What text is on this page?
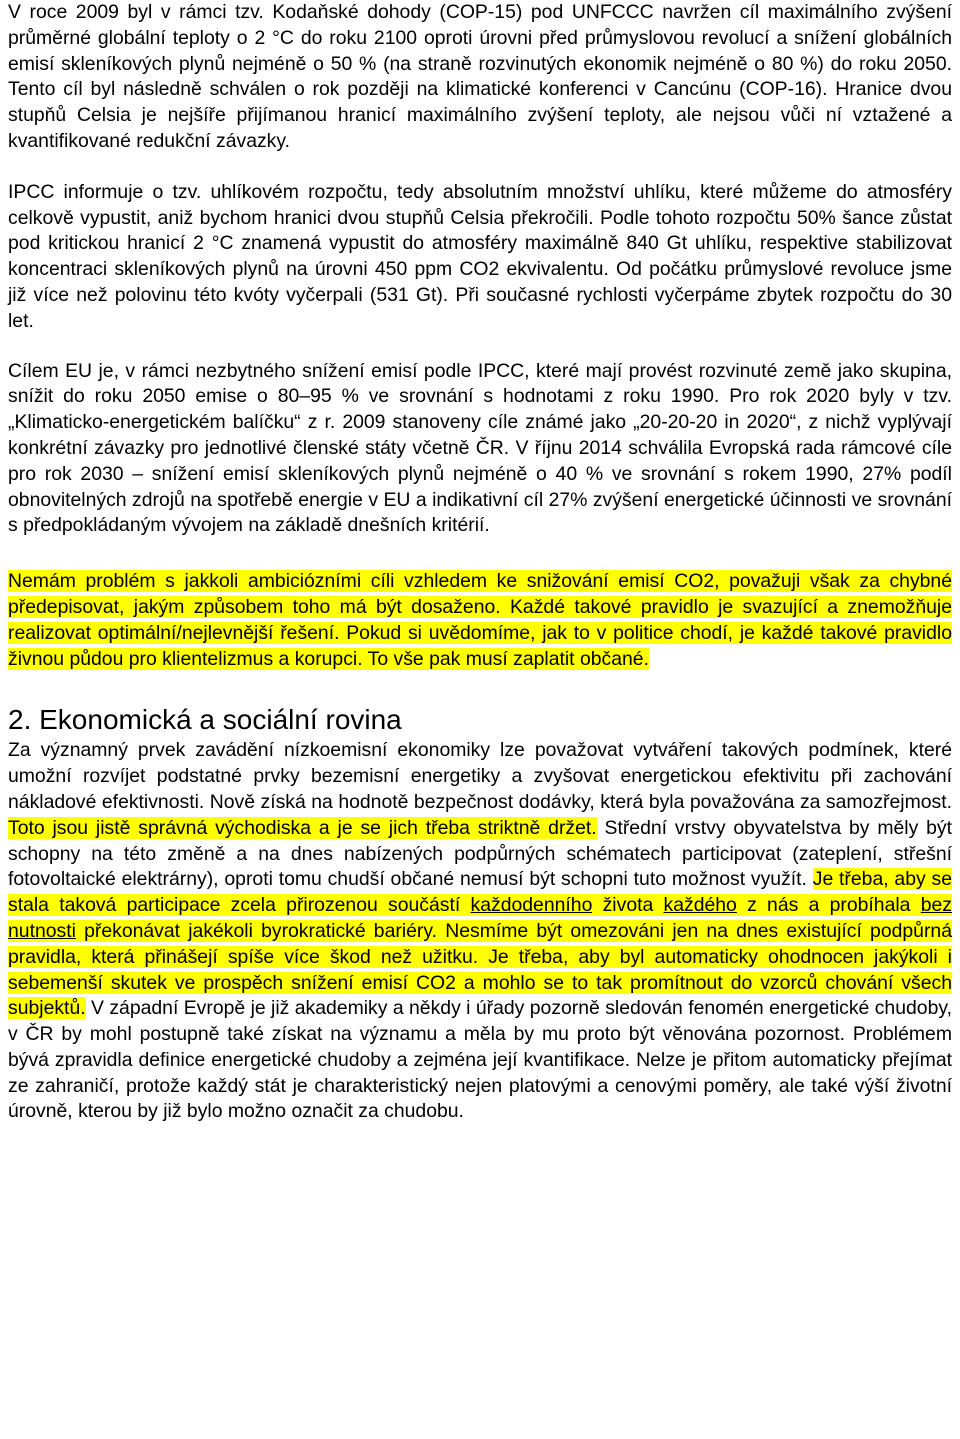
V roce 2009 byl v rámci tzv. Kodaňské dohody (COP-15) pod UNFCCC navržen cíl maximálního zvýšení průměrné globální teploty o 2 °C do roku 2100 oproti úrovni před průmyslovou revolucí a snížení globálních emisí skleníkových plynů nejméně o 50 % (na straně rozvinutých ekonomik nejméně o 80 %) do roku 2050. Tento cíl byl následně schválen o rok později na klimatické konferenci v Cancúnu (COP-16). Hranice dvou stupňů Celsia je nejšíře přijímanou hranicí maximálního zvýšení teploty, ale nejsou vůči ní vztažené a kvantifikované redukční závazky.

IPCC informuje o tzv. uhlíkovém rozpočtu, tedy absolutním množství uhlíku, které můžeme do atmosféry celkově vypustit, aniž bychom hranici dvou stupňů Celsia překročili. Podle tohoto rozpočtu 50% šance zůstat pod kritickou hranicí 2 °C znamená vypustit do atmosféry maximálně 840 Gt uhlíku, respektive stabilizovat koncentraci skleníkových plynů na úrovni 450 ppm CO2 ekvivalentu. Od počátku průmyslové revoluce jsme již více než polovinu této kvóty vyčerpali (531 Gt). Při současné rychlosti vyčerpáme zbytek rozpočtu do 30 let.

Cílem EU je, v rámci nezbytného snížení emisí podle IPCC, které mají provést rozvinuté země jako skupina, snížit do roku 2050 emise o 80–95 % ve srovnání s hodnotami z roku 1990. Pro rok 2020 byly v tzv. „Klimaticko-energetickém balíčku“ z r. 2009 stanoveny cíle známé jako „20-20-20 in 2020“, z nichž vyplývají konkrétní závazky pro jednotlivé členské státy včetně ČR. V říjnu 2014 schválila Evropská rada rámcové cíle pro rok 2030 – snížení emisí skleníkových plynů nejméně o 40 % ve srovnání s rokem 1990, 27% podíl obnovitelných zdrojů na spotřebě energie v EU a indikativní cíl 27% zvýšení energetické účinnosti ve srovnání s předpokládaným vývojem na základě dnešních kritérií.

Nemám problém s jakkoli ambiciózními cíli vzhledem ke snižování emisí CO2, považuji však za chybné předepisovat, jakým způsobem toho má být dosaženo. Každé takové pravidlo je svazující a znemožňuje realizovat optimální/nejlevnější řešení. Pokud si uvědomíme, jak to v politice chodí, je každé takové pravidlo živnou půdou pro klientelizmus a korupci. To vše pak musí zaplatit občané.

2. Ekonomická a sociální rovina

Za významný prvek zavádění nízkoemisní ekonomiky lze považovat vytváření takových podmínek, které umožní rozvíjet podstatné prvky bezemisní energetiky a zvyšovat energetickou efektivitu při zachování nákladové efektivnosti. Nově získá na hodnotě bezpečnost dodávky, která byla považována za samozřejmost. Toto jsou jistě správná východiska a je se jich třeba striktně držet. Střední vrstvy obyvatelstva by měly být schopny na této změně a na dnes nabízených podpůrných schématech participovat (zateplení, střešní fotovoltaické elektrárny), oproti tomu chudší občané nemusí být schopni tuto možnost využít. Je třeba, aby se stala taková participace zcela přirozenou součástí každodenního života každého z nás a probíhala bez nutnosti překonávat jakékoli byrokratické bariéry. Nesmíme být omezováni jen na dnes existující podpůrná pravidla, která přinášejí spíše více škod než užitku. Je třeba, aby byl automaticky ohodnocen jakýkoli i sebemenší skutek ve prospěch snížení emisí CO2 a mohlo se to tak promítnout do vzorců chování všech subjektů. V západní Evropě je již akademiky a někdy i úřady pozorně sledován fenomén energetické chudoby, v ČR by mohl postupně také získat na významu a měla by mu proto být věnována pozornost. Problémem bývá zpravidla definice energetické chudoby a zejména její kvantifikace. Nelze je přitom automaticky přejímat ze zahraničí, protože každý stát je charakteristický nejen platovými a cenovými poměry, ale také výší životní úrovně, kterou by již bylo možno označit za chudobu.
